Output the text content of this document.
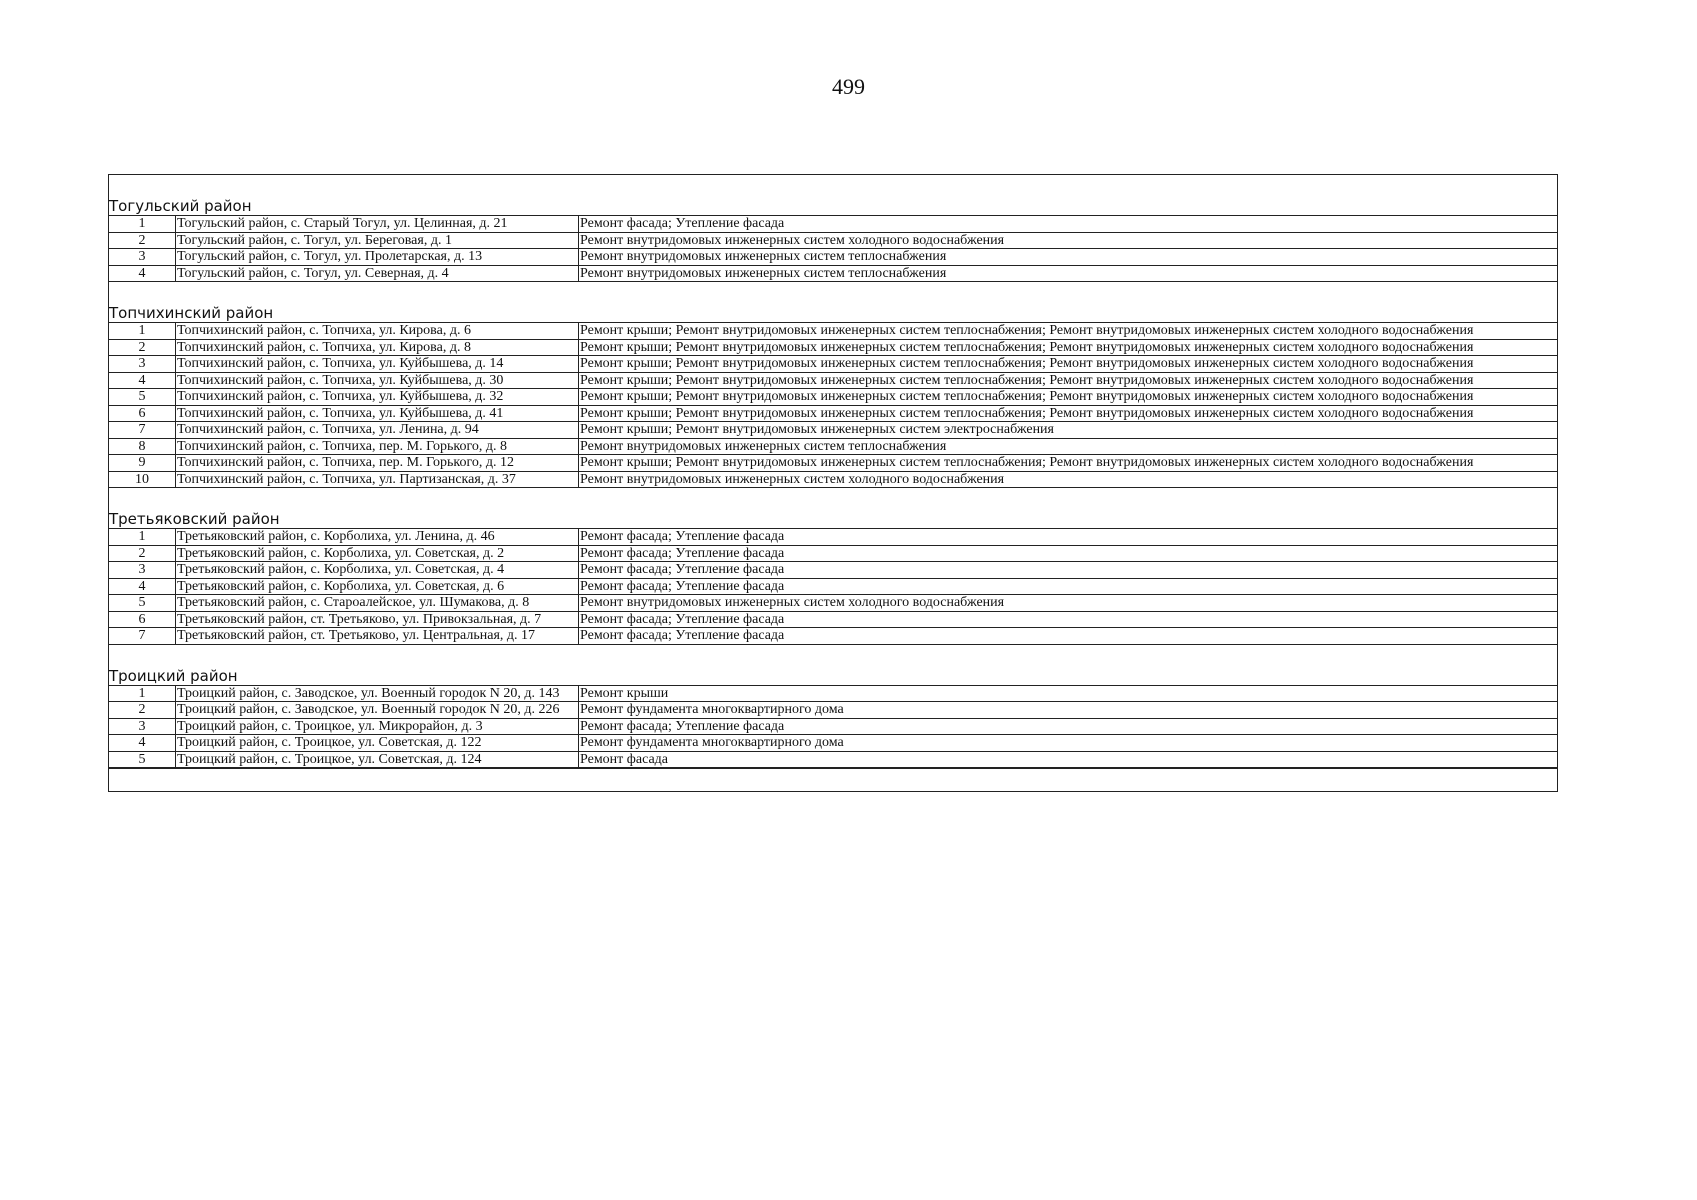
499
Тогульский район
1	Тогульский район, с. Старый Тогул, ул. Целинная, д. 21	Ремонт фасада; Утепление фасада
2	Тогульский район, с. Тогул, ул. Береговая, д. 1	Ремонт внутридомовых инженерных систем холодного водоснабжения
3	Тогульский район, с. Тогул, ул. Пролетарская, д. 13	Ремонт внутридомовых инженерных систем теплоснабжения
4	Тогульский район, с. Тогул, ул. Северная, д. 4	Ремонт внутридомовых инженерных систем теплоснабжения
Топчихинский район
1	Топчихинский район, с. Топчиха, ул. Кирова, д. 6	Ремонт крыши; Ремонт внутридомовых инженерных систем теплоснабжения; Ремонт внутридомовых инженерных систем холодного водоснабжения
2	Топчихинский район, с. Топчиха, ул. Кирова, д. 8	Ремонт крыши; Ремонт внутридомовых инженерных систем теплоснабжения; Ремонт внутридомовых инженерных систем холодного водоснабжения
3	Топчихинский район, с. Топчиха, ул. Куйбышева, д. 14	Ремонт крыши; Ремонт внутридомовых инженерных систем теплоснабжения; Ремонт внутридомовых инженерных систем холодного водоснабжения
4	Топчихинский район, с. Топчиха, ул. Куйбышева, д. 30	Ремонт крыши; Ремонт внутридомовых инженерных систем теплоснабжения; Ремонт внутридомовых инженерных систем холодного водоснабжения
5	Топчихинский район, с. Топчиха, ул. Куйбышева, д. 32	Ремонт крыши; Ремонт внутридомовых инженерных систем теплоснабжения; Ремонт внутридомовых инженерных систем холодного водоснабжения
6	Топчихинский район, с. Топчиха, ул. Куйбышева, д. 41	Ремонт крыши; Ремонт внутридомовых инженерных систем теплоснабжения; Ремонт внутридомовых инженерных систем холодного водоснабжения
7	Топчихинский район, с. Топчиха, ул. Ленина, д. 94	Ремонт крыши; Ремонт внутридомовых инженерных систем электроснабжения
8	Топчихинский район, с. Топчиха, пер. М. Горького, д. 8	Ремонт внутридомовых инженерных систем теплоснабжения
9	Топчихинский район, с. Топчиха, пер. М. Горького, д. 12	Ремонт крыши; Ремонт внутридомовых инженерных систем теплоснабжения; Ремонт внутридомовых инженерных систем холодного водоснабжения
10	Топчихинский район, с. Топчиха, ул. Партизанская, д. 37	Ремонт внутридомовых инженерных систем холодного водоснабжения
Третьяковский район
1	Третьяковский район, с. Корболиха, ул. Ленина, д. 46	Ремонт фасада; Утепление фасада
2	Третьяковский район, с. Корболиха, ул. Советская, д. 2	Ремонт фасада; Утепление фасада
3	Третьяковский район, с. Корболиха, ул. Советская, д. 4	Ремонт фасада; Утепление фасада
4	Третьяковский район, с. Корболиха, ул. Советская, д. 6	Ремонт фасада; Утепление фасада
5	Третьяковский район, с. Староалейское, ул. Шумакова, д. 8	Ремонт внутридомовых инженерных систем холодного водоснабжения
6	Третьяковский район, ст. Третьяково, ул. Привокзальная, д. 7	Ремонт фасада; Утепление фасада
7	Третьяковский район, ст. Третьяково, ул. Центральная, д. 17	Ремонт фасада; Утепление фасада
Троицкий район
1	Троицкий район, с. Заводское, ул. Военный городок N 20, д. 143	Ремонт крыши
2	Троицкий район, с. Заводское, ул. Военный городок N 20, д. 226	Ремонт фундамента многоквартирного дома
3	Троицкий район, с. Троицкое, ул. Микрорайон, д. 3	Ремонт фасада; Утепление фасада
4	Троицкий район, с. Троицкое, ул. Советская, д. 122	Ремонт фундамента многоквартирного дома
5	Троицкий район, с. Троицкое, ул. Советская, д. 124	Ремонт фасада
